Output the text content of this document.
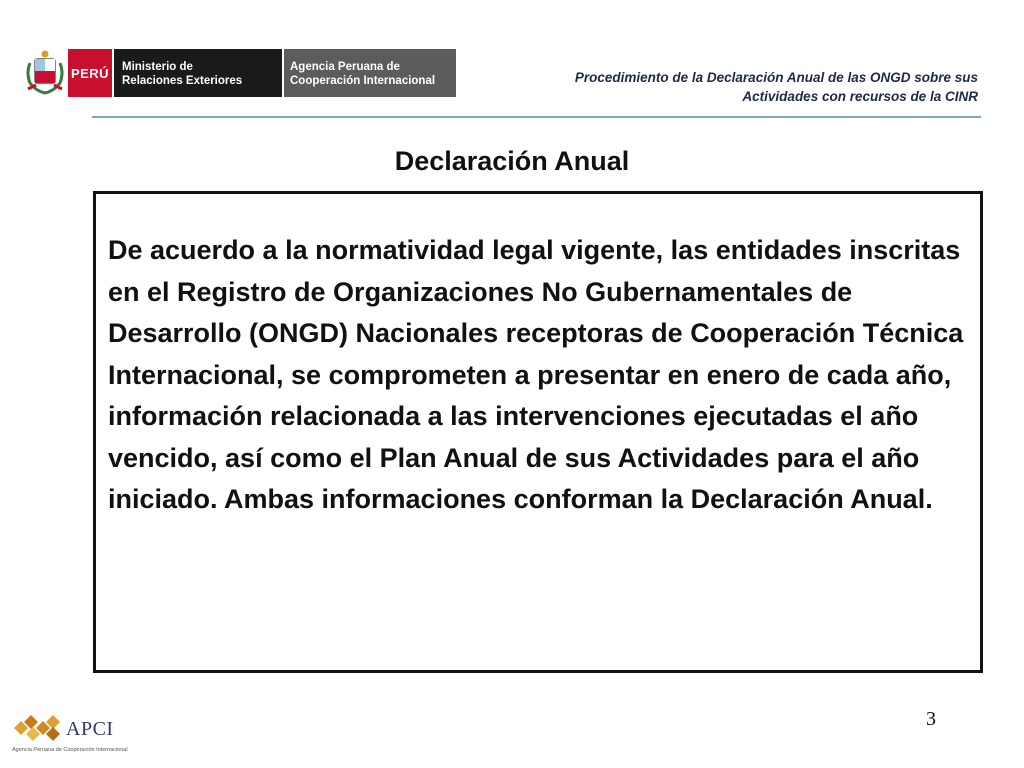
PERÚ Ministerio de
Relaciones Exteriores
Agencia Peruana de
Cooperación Internacional	Procedimiento de la Declaración Anual de las ONGD sobre sus
Actividades con recursos de la CINR
Declaración Anual

De acuerdo a la normatividad legal vigente, las entidades inscritas en el Registro de Organizaciones No Gubernamentales de Desarrollo (ONGD) Nacionales receptoras de Cooperación Técnica Internacional, se comprometen a presentar en enero de cada año, información relacionada a las intervenciones ejecutadas el año vencido, así como el Plan Anual de sus Actividades para el año iniciado. Ambas informaciones conforman la Declaración Anual.

3
APCI
Agencia Peruana de Cooperación Internacional
